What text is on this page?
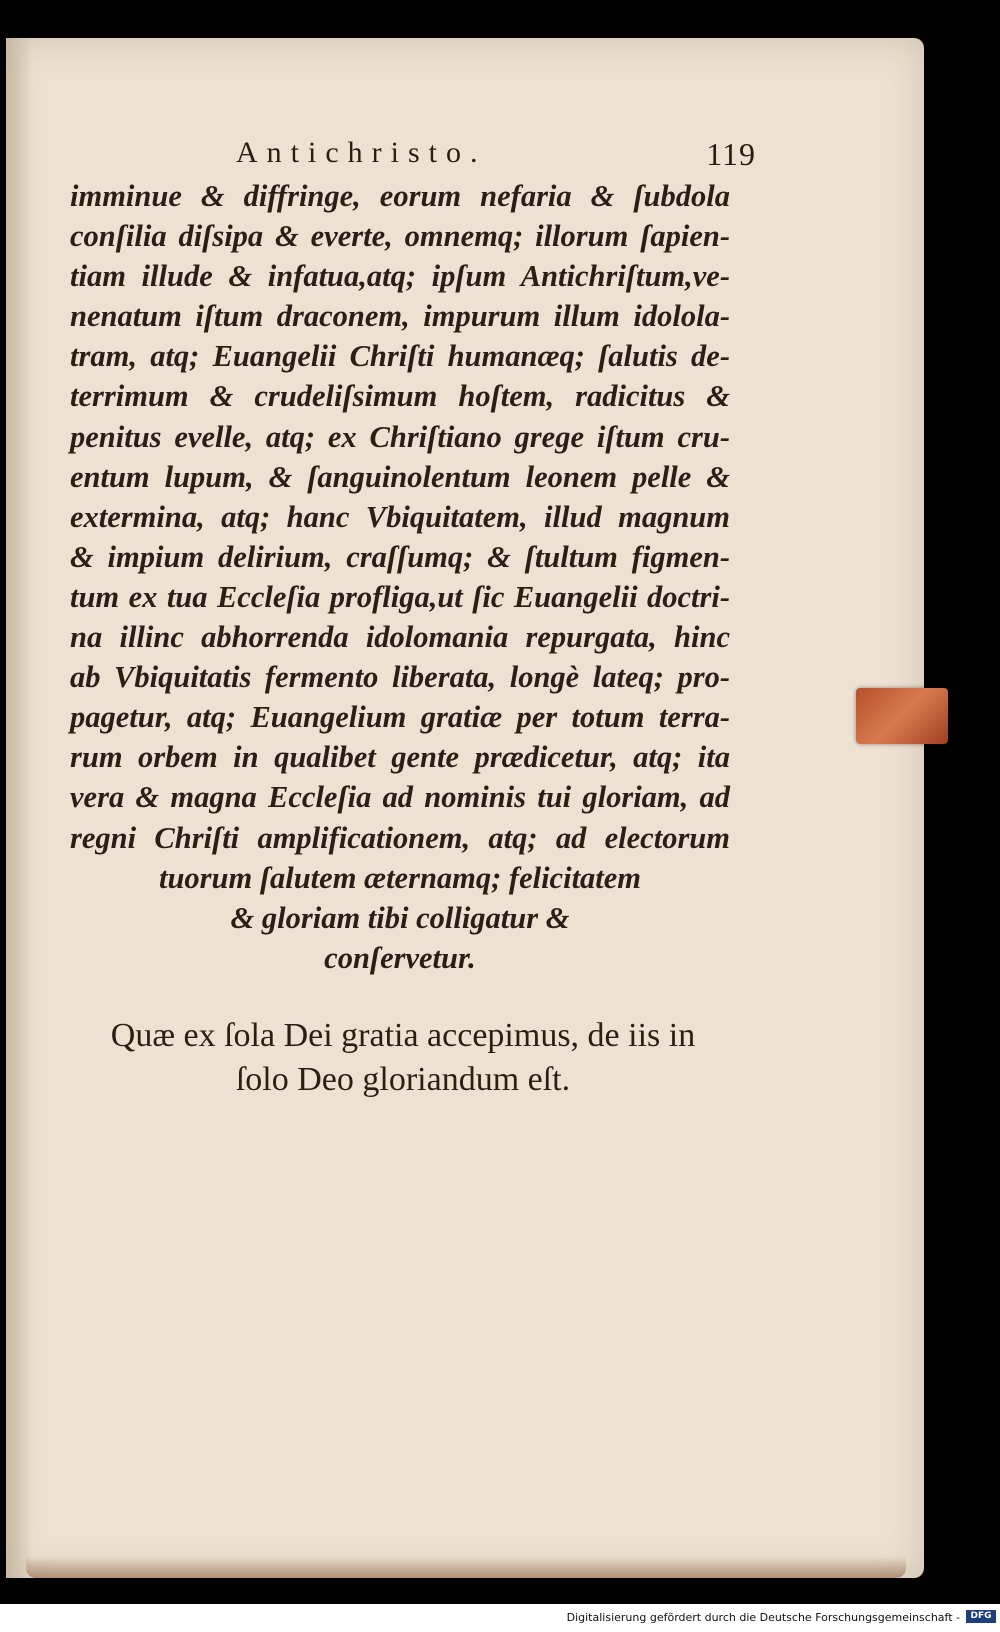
Antichristo.	119
imminue & diffringe, eorum nefaria & ſubdola
conſilia diſsipa & everte, omnemq; illorum ſapien-
tiam illude & infatua,atq; ipſum Antichriſtum,ve-
nenatum iſtum draconem, impurum illum idolola-
tram, atq; Euangelii Chriſti humanæq; ſalutis de-
terrimum & crudeliſsimum hoſtem, radicitus &
penitus evelle, atq; ex Chriſtiano grege iſtum cru-
entum lupum, & ſanguinolentum leonem pelle &
extermina, atq; hanc Vbiquitatem, illud magnum
& impium delirium, craſſumq; & ſtultum figmen-
tum ex tua Eccleſia profliga,ut ſic Euangelii doctri-
na illinc abhorrenda idolomania repurgata, hinc
ab Vbiquitatis fermento liberata, longè lateq; pro-
pagetur, atq; Euangelium gratiæ per totum terra-
rum orbem in qualibet gente prædicetur, atq; ita
vera & magna Eccleſia ad nominis tui gloriam, ad
regni Chriſti amplificationem, atq; ad electorum
tuorum ſalutem æternamq; felicitatem
& gloriam tibi colligatur &
conſervetur.
Quæ ex ſola Dei gratia accepimus, de iis in
ſolo Deo gloriandum eſt.
Digitalisierung gefördert durch die Deutsche Forschungsgemeinschaft -	DFG
